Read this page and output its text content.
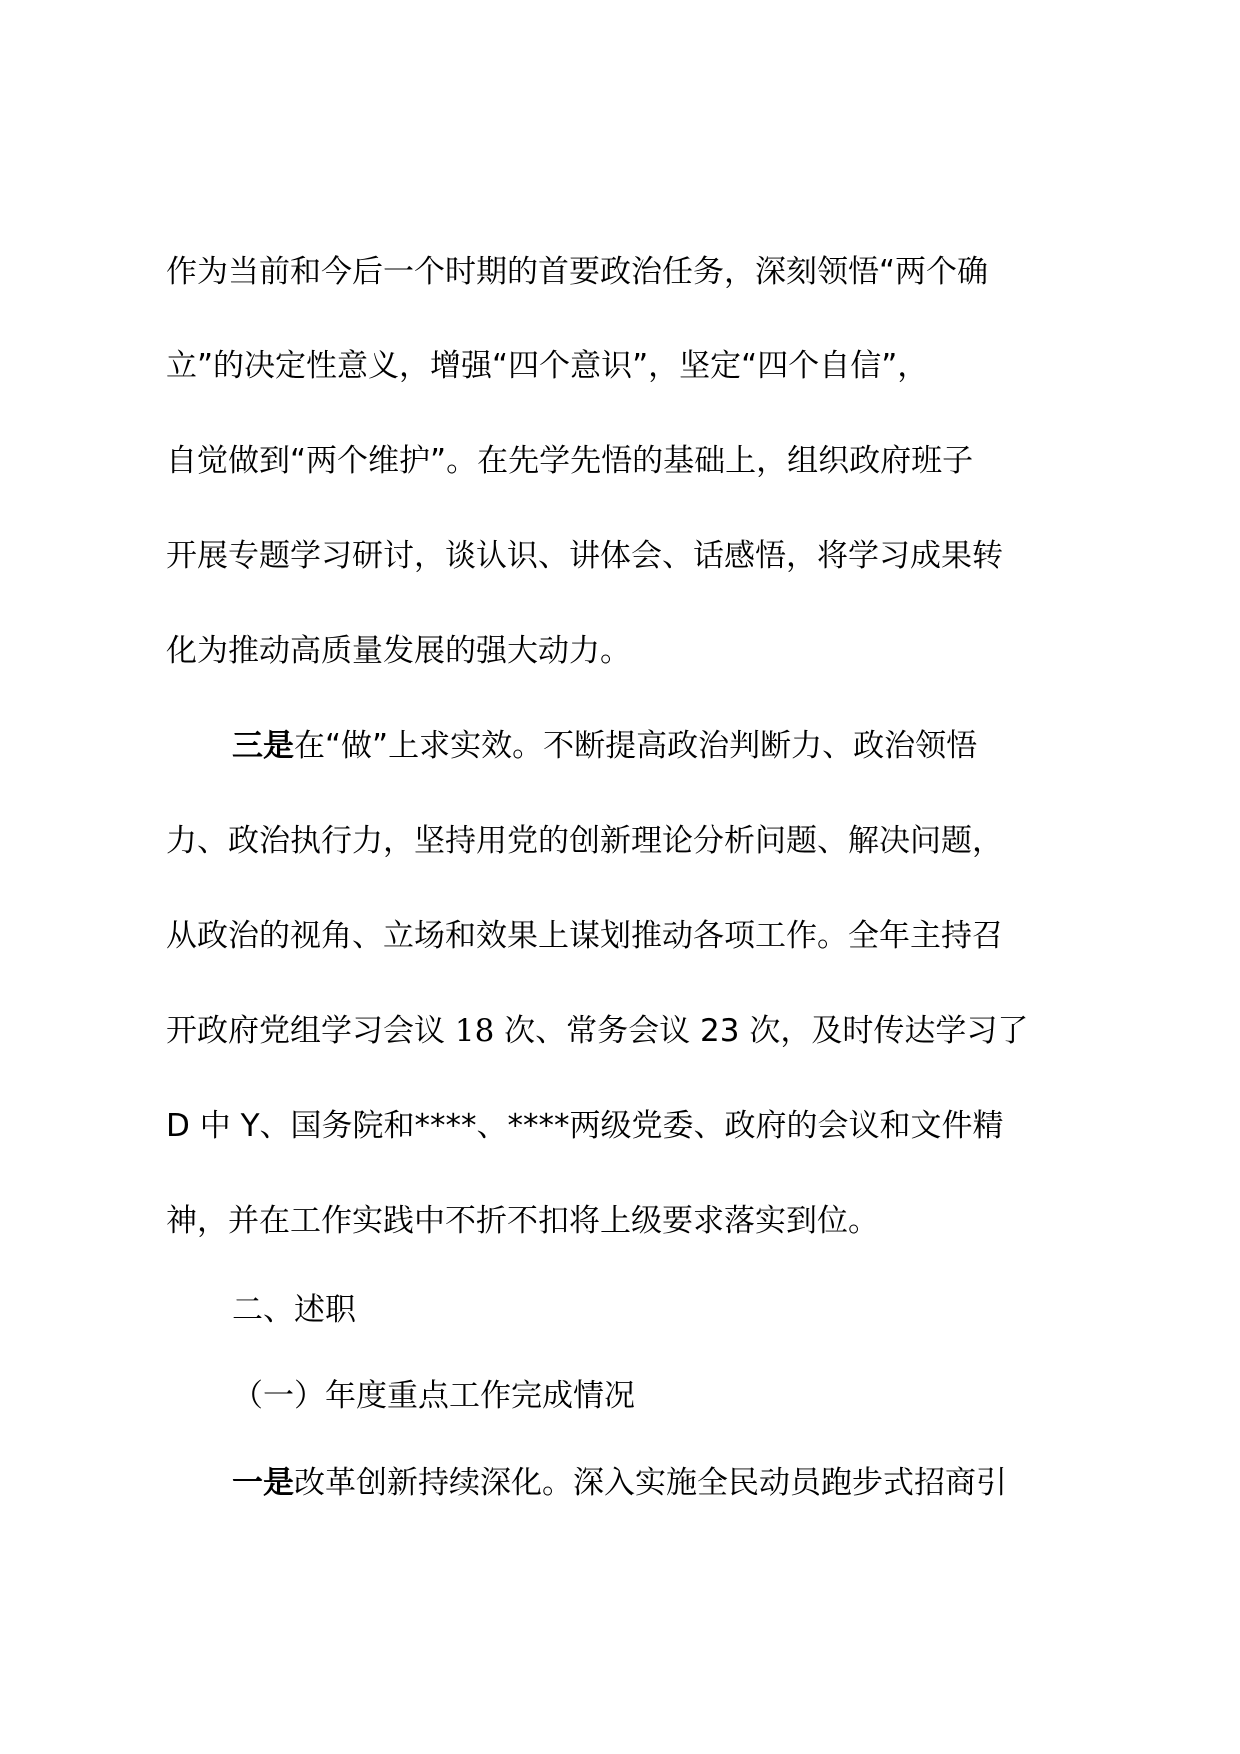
作为当前和今后一个时期的首要政治任务，深刻领悟“两个确
立”的决定性意义，增强“四个意识”，坚定“四个自信”，
自觉做到“两个维护”。在先学先悟的基础上，组织政府班子
开展专题学习研讨，谈认识、讲体会、话感悟，将学习成果转
化为推动高质量发展的强大动力。
三是在“做”上求实效。不断提高政治判断力、政治领悟
力、政治执行力，坚持用党的创新理论分析问题、解决问题，
从政治的视角、立场和效果上谋划推动各项工作。全年主持召
开政府党组学习会议 18 次、常务会议 23 次，及时传达学习了
D 中 Y、国务院和****、****两级党委、政府的会议和文件精
神，并在工作实践中不折不扣将上级要求落实到位。
二、述职
（一）年度重点工作完成情况
一是改革创新持续深化。深入实施全民动员跑步式招商引
